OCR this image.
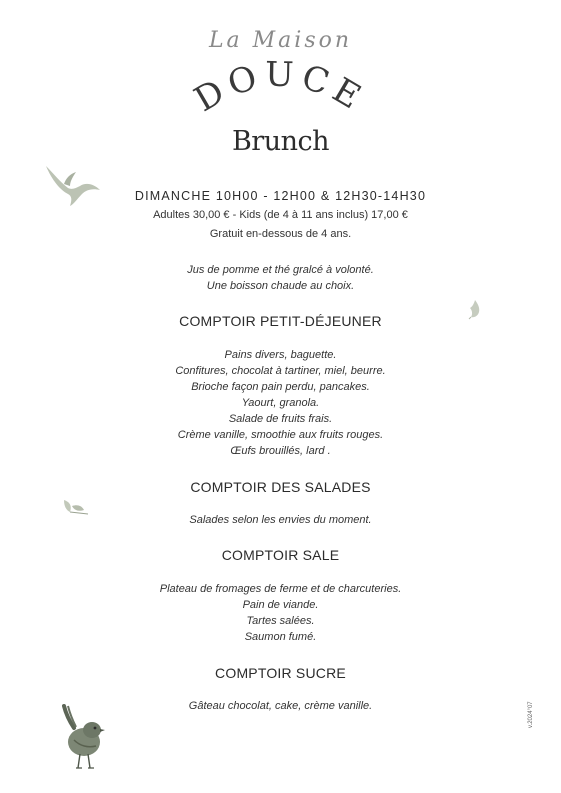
La Maison
DOUCE
Brunch
DIMANCHE 10H00 - 12H00 & 12H30-14H30
Adultes 30,00 € - Kids (de 4 à 11 ans inclus) 17,00 €
Gratuit en-dessous de 4 ans.
Jus de pomme et thé gralcé à volonté.
Une boisson chaude au choix.
COMPTOIR PETIT-DÉJEUNER
Pains divers, baguette.
Confitures, chocolat à tartiner, miel, beurre.
Brioche façon pain perdu, pancakes.
Yaourt, granola.
Salade de fruits frais.
Crème vanille, smoothie aux fruits rouges.
Œufs brouillés, lard .
COMPTOIR DES SALADES
Salades selon les envies du moment.
COMPTOIR SALE
Plateau de fromages de ferme et de charcuteries.
Pain de viande.
Tartes salées.
Saumon fumé.
COMPTOIR SUCRE
Gâteau chocolat, cake, crème vanille.	v.2024°07
